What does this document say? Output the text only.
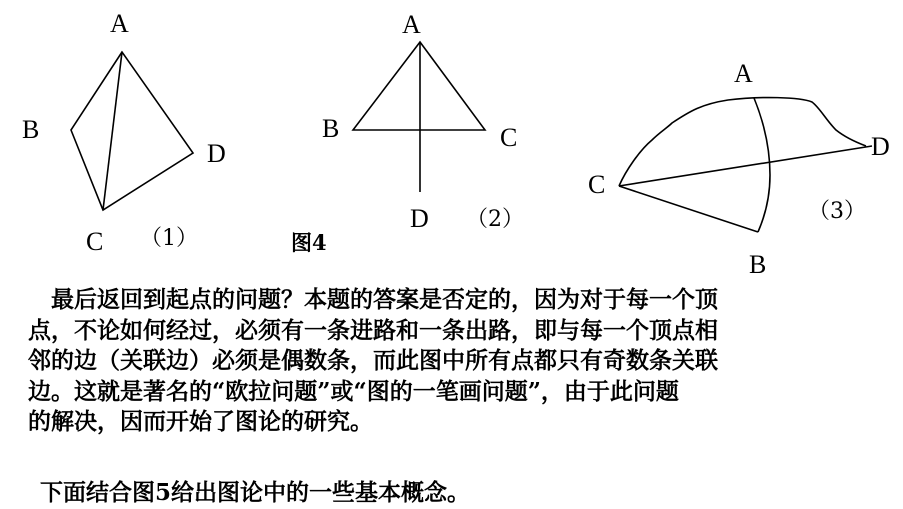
A
B
C
D
（1）
A
B	C
D （2）
图4
A
B
C
D
（3）
最后返回到起点的问题？本题的答案是否定的，因为对于每一个顶
点，不论如何经过，必须有一条进路和一条出路，即与每一个顶点相
邻的边（关联边）必须是偶数条，而此图中所有点都只有奇数条关联
边。这就是著名的“欧拉问题”或“图的一笔画问题”，由于此问题
的解决，因而开始了图论的研究。
下面结合图5给出图论中的一些基本概念。
